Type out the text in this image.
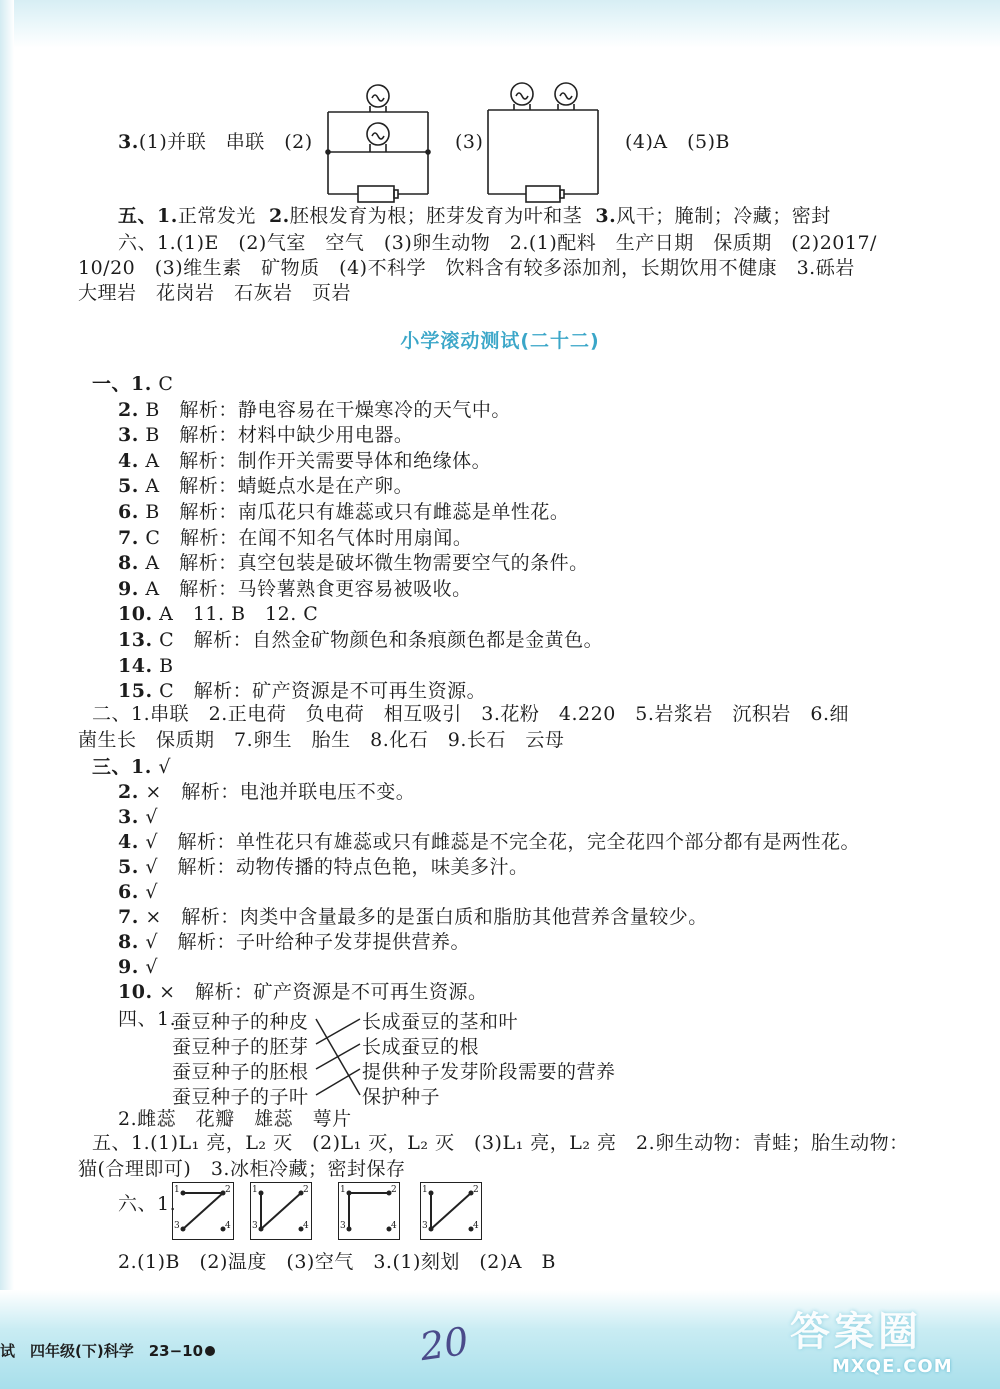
3.(1)并联　串联　(2)	(3)	(4)A　(5)B
五、1.正常发光 2.胚根发育为根；胚芽发育为叶和茎 3.风干；腌制；冷藏；密封
六、1.(1)E　(2)气室　空气　(3)卵生动物　2.(1)配料　生产日期　保质期　(2)2017/
10/20　(3)维生素　矿物质　(4)不科学　饮料含有较多添加剂，长期饮用不健康　3.砾岩
大理岩　花岗岩　石灰岩　页岩
小学滚动测试(二十二)
一、1. C
2. B　解析：静电容易在干燥寒冷的天气中。
3. B　解析：材料中缺少用电器。
4. A　解析：制作开关需要导体和绝缘体。
5. A　解析：蜻蜓点水是在产卵。
6. B　解析：南瓜花只有雄蕊或只有雌蕊是单性花。
7. C　解析：在闻不知名气体时用扇闻。
8. A　解析：真空包装是破坏微生物需要空气的条件。
9. A　解析：马铃薯熟食更容易被吸收。
10. A　11. B　12. C
13. C　解析：自然金矿物颜色和条痕颜色都是金黄色。
14. B
15. C　解析：矿产资源是不可再生资源。
二、1.串联　2.正电荷　负电荷　相互吸引　3.花粉　4.220　5.岩浆岩　沉积岩　6.细
菌生长　保质期　7.卵生　胎生　8.化石　9.长石　云母
三、1. √
2. ×　解析：电池并联电压不变。
3. √
4. √　解析：单性花只有雄蕊或只有雌蕊是不完全花，完全花四个部分都有是两性花。
5. √　解析：动物传播的特点色艳，味美多汁。
6. √
7. ×　解析：肉类中含量最多的是蛋白质和脂肪其他营养含量较少。
8. √　解析：子叶给种子发芽提供营养。
9. √
10. ×　解析：矿产资源是不可再生资源。
四、1.
蚕豆种子的种皮
蚕豆种子的胚芽
蚕豆种子的胚根
蚕豆种子的子叶
长成蚕豆的茎和叶
长成蚕豆的根
提供种子发芽阶段需要的营养
保护种子
2.雌蕊　花瓣　雄蕊　萼片
五、1.(1)L₁ 亮，L₂ 灭　(2)L₁ 灭，L₂ 灭　(3)L₁ 亮，L₂ 亮　2.卵生动物：青蛙；胎生动物：
猫(合理即可)　3.冰柜冷藏；密封保存
六、1.
1	2
3	4
1	2
3	4
1	2
3	4
1	2
3	4
2.(1)B　(2)温度　(3)空气　3.(1)刻划　(2)A　B
试　四年级(下)科学　23−10	20	答案圈
MXQE.COM
